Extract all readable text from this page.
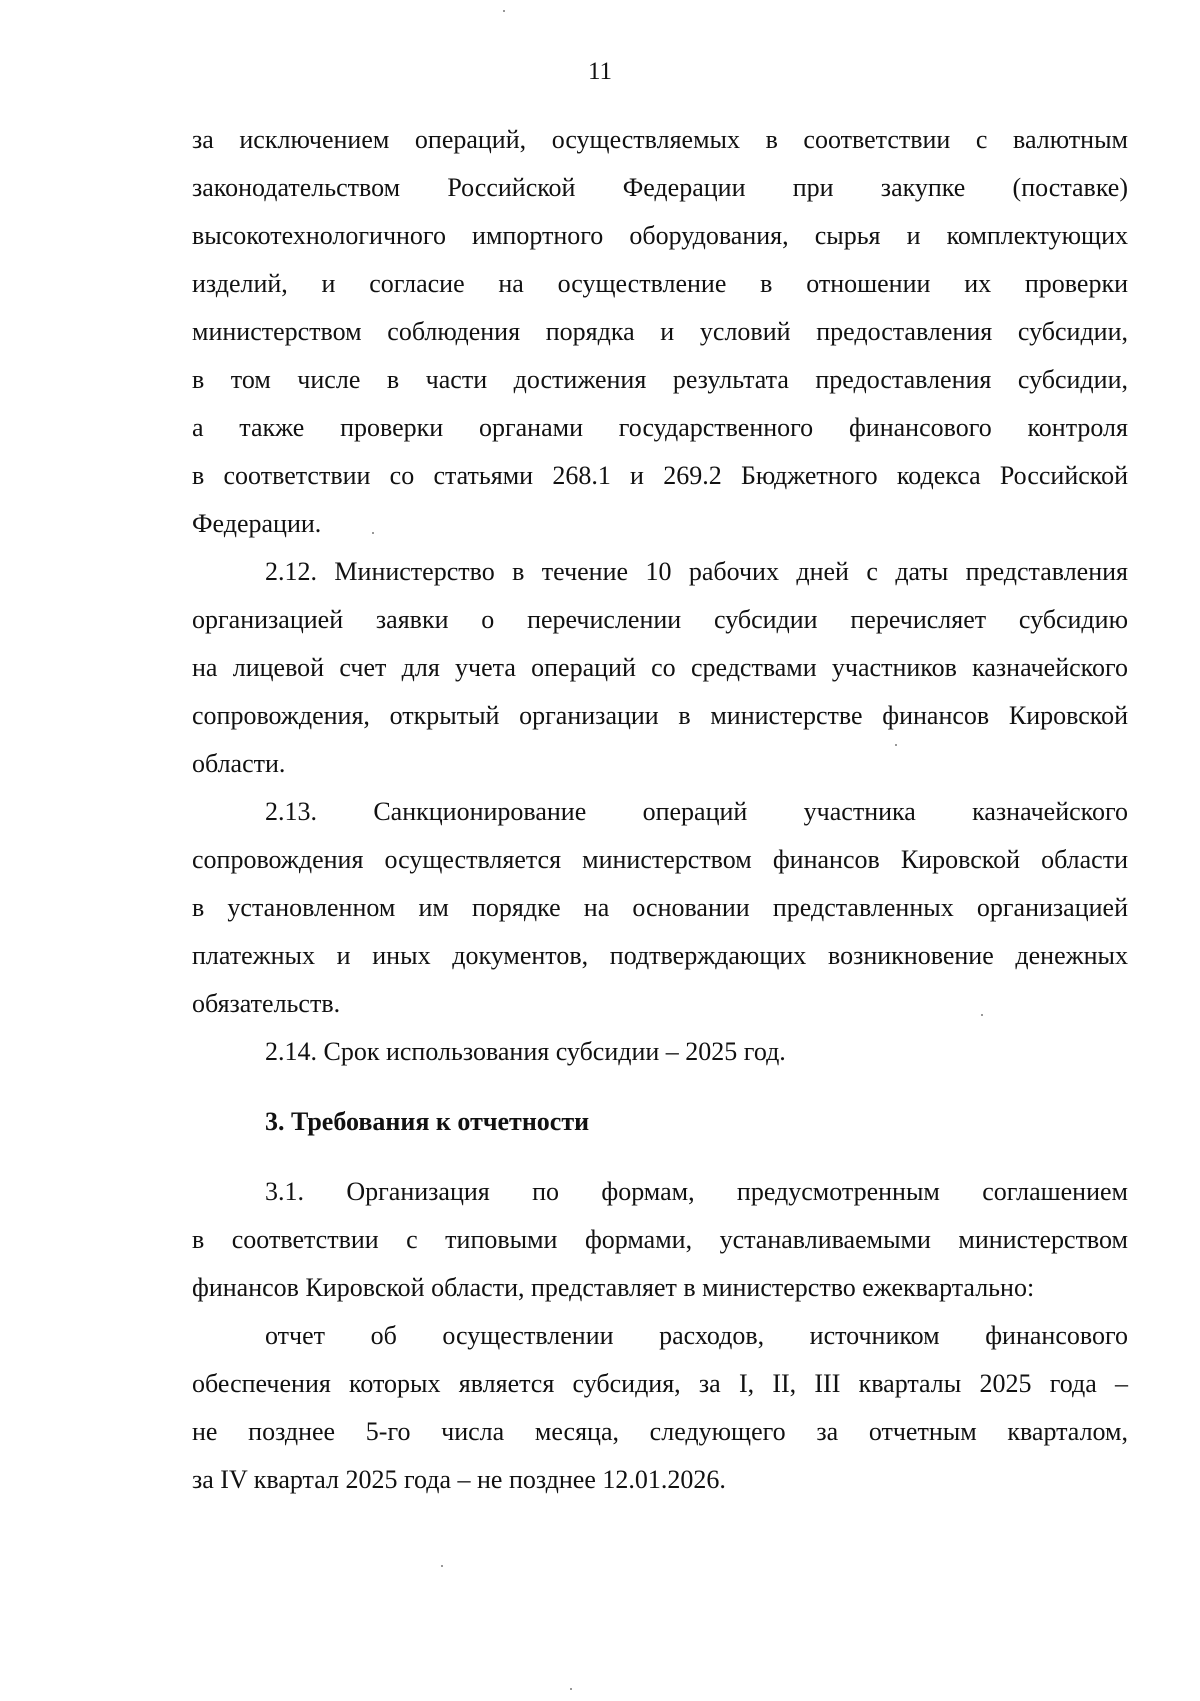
11
за исключением операций, осуществляемых в соответствии с валютным
законодательством Российской Федерации при закупке (поставке)
высокотехнологичного импортного оборудования, сырья и комплектующих
изделий, и согласие на осуществление в отношении их проверки
министерством соблюдения порядка и условий предоставления субсидии,
в том числе в части достижения результата предоставления субсидии,
а также проверки органами государственного финансового контроля
в соответствии со статьями 268.1 и 269.2 Бюджетного кодекса Российской
Федерации.
2.12. Министерство в течение 10 рабочих дней с даты представления
организацией заявки о перечислении субсидии перечисляет субсидию
на лицевой счет для учета операций со средствами участников казначейского
сопровождения, открытый организации в министерстве финансов Кировской
области.
2.13. Санкционирование операций участника казначейского
сопровождения осуществляется министерством финансов Кировской области
в установленном им порядке на основании представленных организацией
платежных и иных документов, подтверждающих возникновение денежных
обязательств.
2.14. Срок использования субсидии – 2025 год.
3. Требования к отчетности
3.1. Организация по формам, предусмотренным соглашением
в соответствии с типовыми формами, устанавливаемыми министерством
финансов Кировской области, представляет в министерство ежеквартально:
отчет об осуществлении расходов, источником финансового
обеспечения которых является субсидия, за I, II, III кварталы 2025 года –
не позднее 5-го числа месяца, следующего за отчетным кварталом,
за IV квартал 2025 года – не позднее 12.01.2026.
